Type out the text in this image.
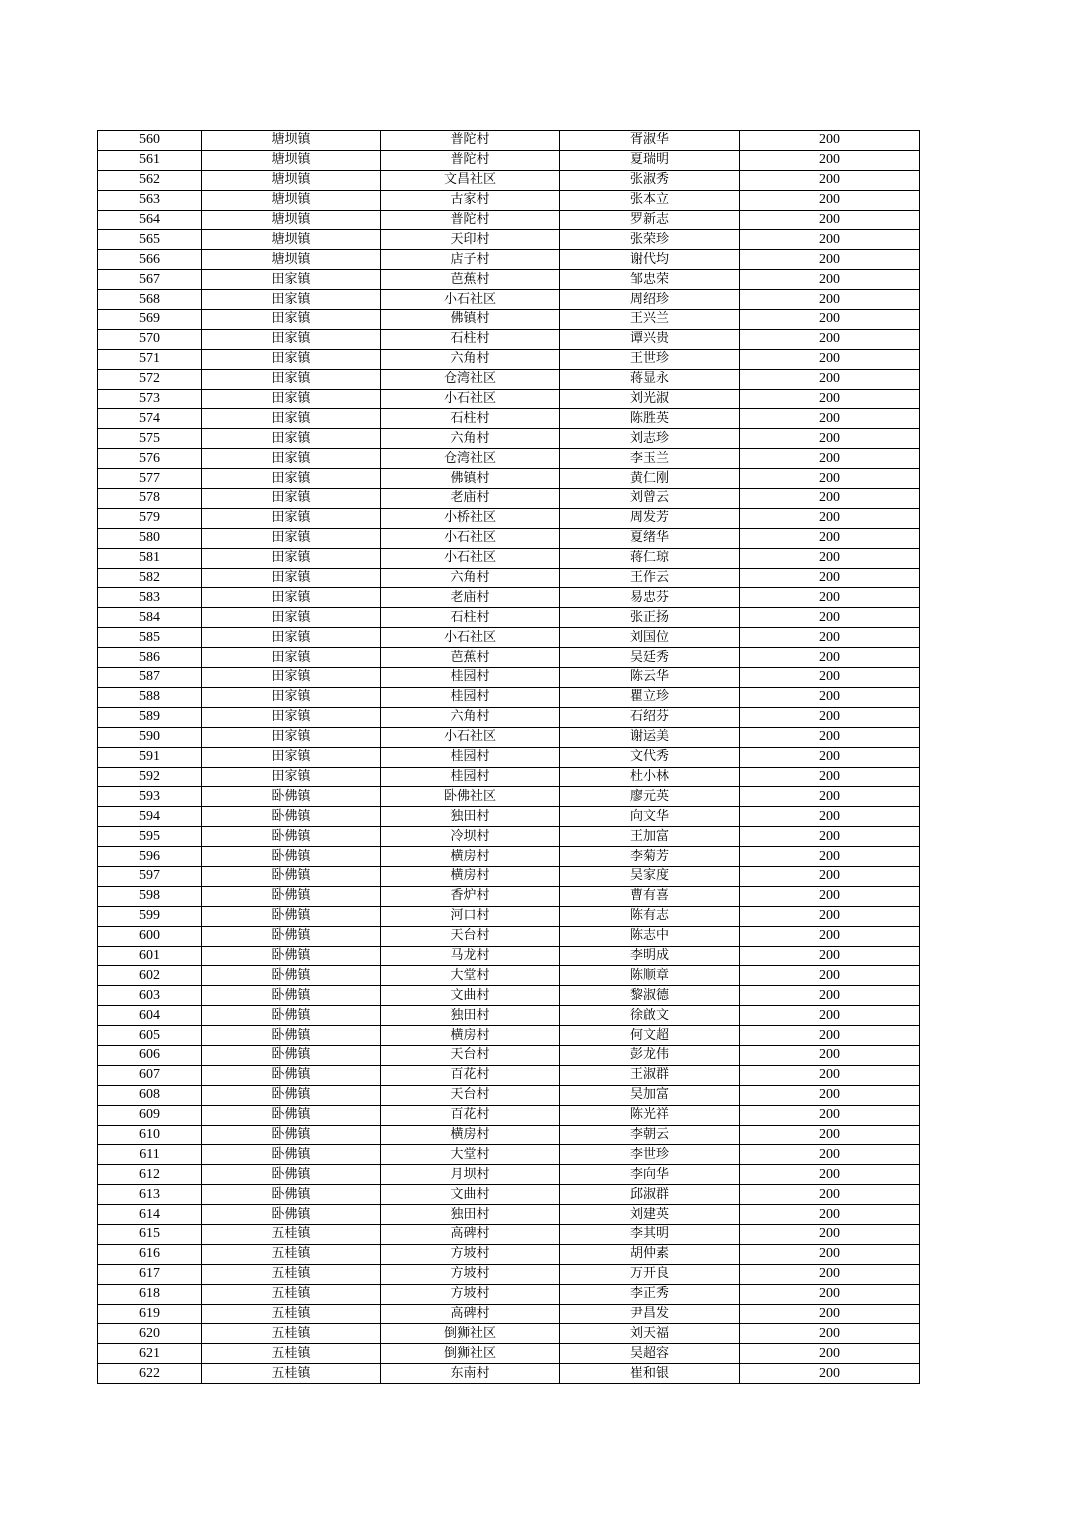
560	塘坝镇	普陀村	胥淑华	200
561	塘坝镇	普陀村	夏瑞明	200
562	塘坝镇	文昌社区	张淑秀	200
563	塘坝镇	古家村	张本立	200
564	塘坝镇	普陀村	罗新志	200
565	塘坝镇	天印村	张荣珍	200
566	塘坝镇	店子村	谢代均	200
567	田家镇	芭蕉村	邹忠荣	200
568	田家镇	小石社区	周绍珍	200
569	田家镇	佛镇村	王兴兰	200
570	田家镇	石柱村	谭兴贵	200
571	田家镇	六角村	王世珍	200
572	田家镇	仓湾社区	蒋显永	200
573	田家镇	小石社区	刘光淑	200
574	田家镇	石柱村	陈胜英	200
575	田家镇	六角村	刘志珍	200
576	田家镇	仓湾社区	李玉兰	200
577	田家镇	佛镇村	黄仁刚	200
578	田家镇	老庙村	刘曾云	200
579	田家镇	小桥社区	周发芳	200
580	田家镇	小石社区	夏绪华	200
581	田家镇	小石社区	蒋仁琼	200
582	田家镇	六角村	王作云	200
583	田家镇	老庙村	易忠芬	200
584	田家镇	石柱村	张正扬	200
585	田家镇	小石社区	刘国位	200
586	田家镇	芭蕉村	吴廷秀	200
587	田家镇	桂园村	陈云华	200
588	田家镇	桂园村	瞿立珍	200
589	田家镇	六角村	石绍芬	200
590	田家镇	小石社区	谢运美	200
591	田家镇	桂园村	文代秀	200
592	田家镇	桂园村	杜小林	200
593	卧佛镇	卧佛社区	廖元英	200
594	卧佛镇	独田村	向文华	200
595	卧佛镇	冷坝村	王加富	200
596	卧佛镇	横房村	李菊芳	200
597	卧佛镇	横房村	吴家度	200
598	卧佛镇	香炉村	曹有喜	200
599	卧佛镇	河口村	陈有志	200
600	卧佛镇	天台村	陈志中	200
601	卧佛镇	马龙村	李明成	200
602	卧佛镇	大堂村	陈顺章	200
603	卧佛镇	文曲村	黎淑德	200
604	卧佛镇	独田村	徐啟文	200
605	卧佛镇	横房村	何文超	200
606	卧佛镇	天台村	彭龙伟	200
607	卧佛镇	百花村	王淑群	200
608	卧佛镇	天台村	吴加富	200
609	卧佛镇	百花村	陈光祥	200
610	卧佛镇	横房村	李朝云	200
611	卧佛镇	大堂村	李世珍	200
612	卧佛镇	月坝村	李向华	200
613	卧佛镇	文曲村	邱淑群	200
614	卧佛镇	独田村	刘建英	200
615	五桂镇	高碑村	李其明	200
616	五桂镇	方坡村	胡仲素	200
617	五桂镇	方坡村	万开良	200
618	五桂镇	方坡村	李正秀	200
619	五桂镇	高碑村	尹昌发	200
620	五桂镇	倒狮社区	刘天福	200
621	五桂镇	倒狮社区	吴超容	200
622	五桂镇	东南村	崔和银	200
